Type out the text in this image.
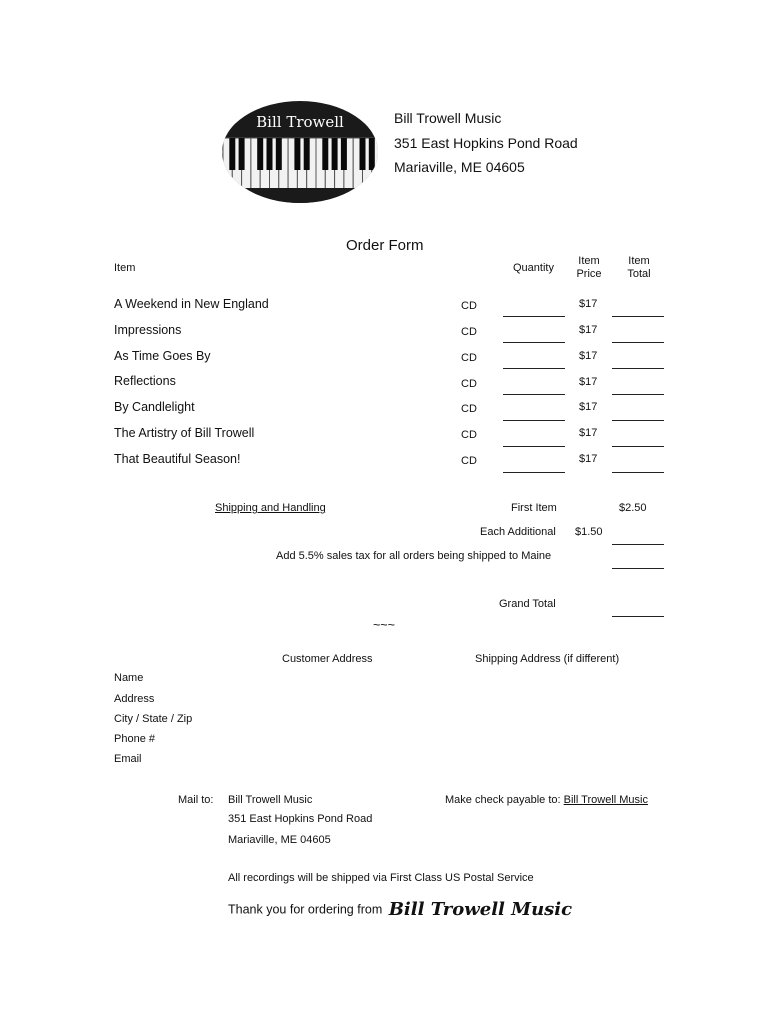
Bill Trowell	Bill Trowell Music
351 East Hopkins Pond Road
Mariaville, ME 04605
Order Form
Item	Quantity
Item
Price
Item
Total
A Weekend in New England	CD	$17
Impressions	CD	$17
As Time Goes By	CD	$17
Reflections	CD	$17
By Candlelight	CD	$17
The Artistry of Bill Trowell	CD	$17
That Beautiful Season!	CD	$17
Shipping and Handling	First Item	$2.50
Each Additional $1.50
Add 5.5% sales tax for all orders being shipped to Maine
Grand Total
~~~
Customer Address	Shipping Address (if different)
Name
Address
City / State / Zip
Phone #
Email
Mail to: Bill Trowell Music
351 East Hopkins Pond Road
Mariaville, ME 04605
Make check payable to: Bill Trowell Music
All recordings will be shipped via First Class US Postal Service
Thank you for ordering from Bill Trowell Music
